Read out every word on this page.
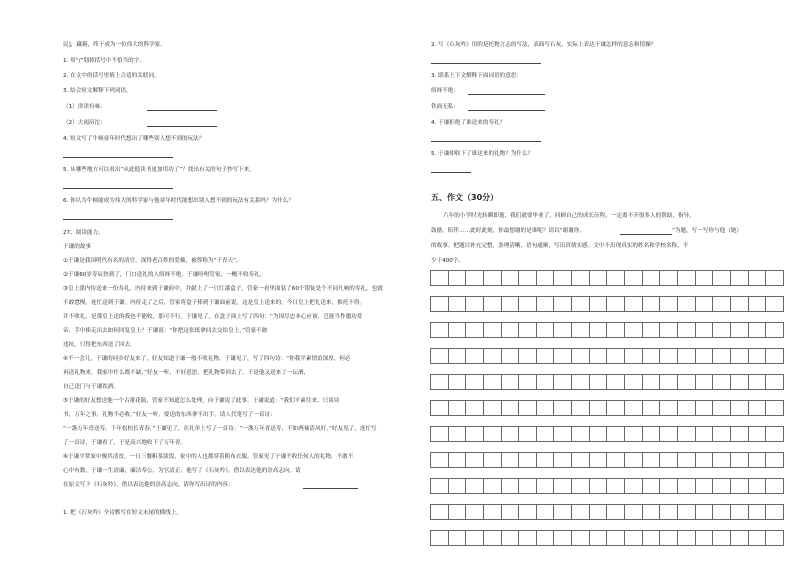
民]，藏箱，终于成为一位伟大的科学家。
1. 用“/”划掉括号中不恰当的字。
2. 在文中的括号里填上合适的关联词。
3. 结合短文解释下列词语。
（1）津津有味：
（2）大雨滂沱：
4. 短文写了牛顿童年时代想出了哪些别人想不到的玩法？
5. 从哪些地方可以看出“从此他读书更加用功了”？找出有关的句子抄写下来。
6. 你认为牛顿能成为伟大的科学家与他童年时代能想出别人想不到的玩法有关系吗？为什么？
27、阅读能力。
于谦的故事
①于谦是我国明代有名的清官，深得老百姓的爱戴，被尊称为“于青天”。
②于谦60岁寿辰快到了，门口送礼的人络绎不绝，于谦吩咐管家，一概不收寿礼。
③皇上派内侍送来一份寿礼。内侍来到于谦府中，并献上了一只红漆盒子，管家一看里面装了60个银锭是个不同凡响的寿礼，也就
不敢怠慢，连忙送到于谦。内侍走了之后，管家将盒子捧到于谦面前说，这是皇上送来的，今日皇上把礼送来，推托不得。
并不收礼，是那皇上送的我也不能收，那可不行。于谦见了，在盒子面上写了四句：“为国尽忠本心应该，岂能当作邀功赏
帝，手中捧走出去如何回复皇上？于谦说：“你把这张纸拿回去交给皇上，”管家不敢
违抗，只得把东西送了回去。
④不一会儿，于谦的同乡好友来了，好友知道于谦一般不收礼物，于谦见了，写了四句诗：“你我平素情谊深厚，何必
再送礼物来，我家中什么都不缺，”好友一听，不好意思，把礼物带回去了。于是他又送来了一坛酒，
自己送门与于谦饮酒。
⑤于谦的好友想送他一个古董花瓶，管家不知道怎么处理，向于谦说了此事。于谦说道：“我们平素往来，只谈诗
书，万年之事，礼物不必收。”好友一听，要送的东西拿不出手，请人代笔写了一首诗：
“一盏万年青送寿，千年松柏长青春，”于谦见了，在礼单上写了一首诗：“一盏万年青送寿，不如两袖清风好。”好友见了，连忙写
了一首诗，于谦看了，于是高兴地收下了万年青。
⑥于谦平常家中极其清贫，一日三餐粗茶淡饭，家中的人也都穿着粗布衣服。管家见了于谦不收任何人的礼物，不敢不
心中有数，于谦一生清廉，廉洁奉公，为官清正，他写了《石灰吟》，借以表达他的崇高志向。请
在原文写下《石灰吟》，借以表达他的崇高志向，请你写出诗的内容：
1. 把《石灰吟》全诗默写在短文末尾的横线上。
2. 写《石灰吟》用的是托物言志的写法，表面写石灰，实际上表达于谦怎样的意志和情操？
3. 联系上下文解释下面词语的意思：
络绎不绝：
铁面无私：
4. 于谦拒绝了谁送来的寿礼？
5. 于谦却收下了谁送来的礼物？为什么？
五、作文（30分）
六年的小学时光转瞬即逝，我们就要毕业了，回顾自己的成长历程，一定离不开很多人的帮助，指导，
鼓励，陪伴……此时此刻，你最想谢的是谁呢？请以“谢谢你，	”为题，写一写你与他（她）
的故事。把题目补充完整，条理清晰，语句通顺，写出真情实感。文中不出现真实的姓名和学校名称，不
少于400字。
